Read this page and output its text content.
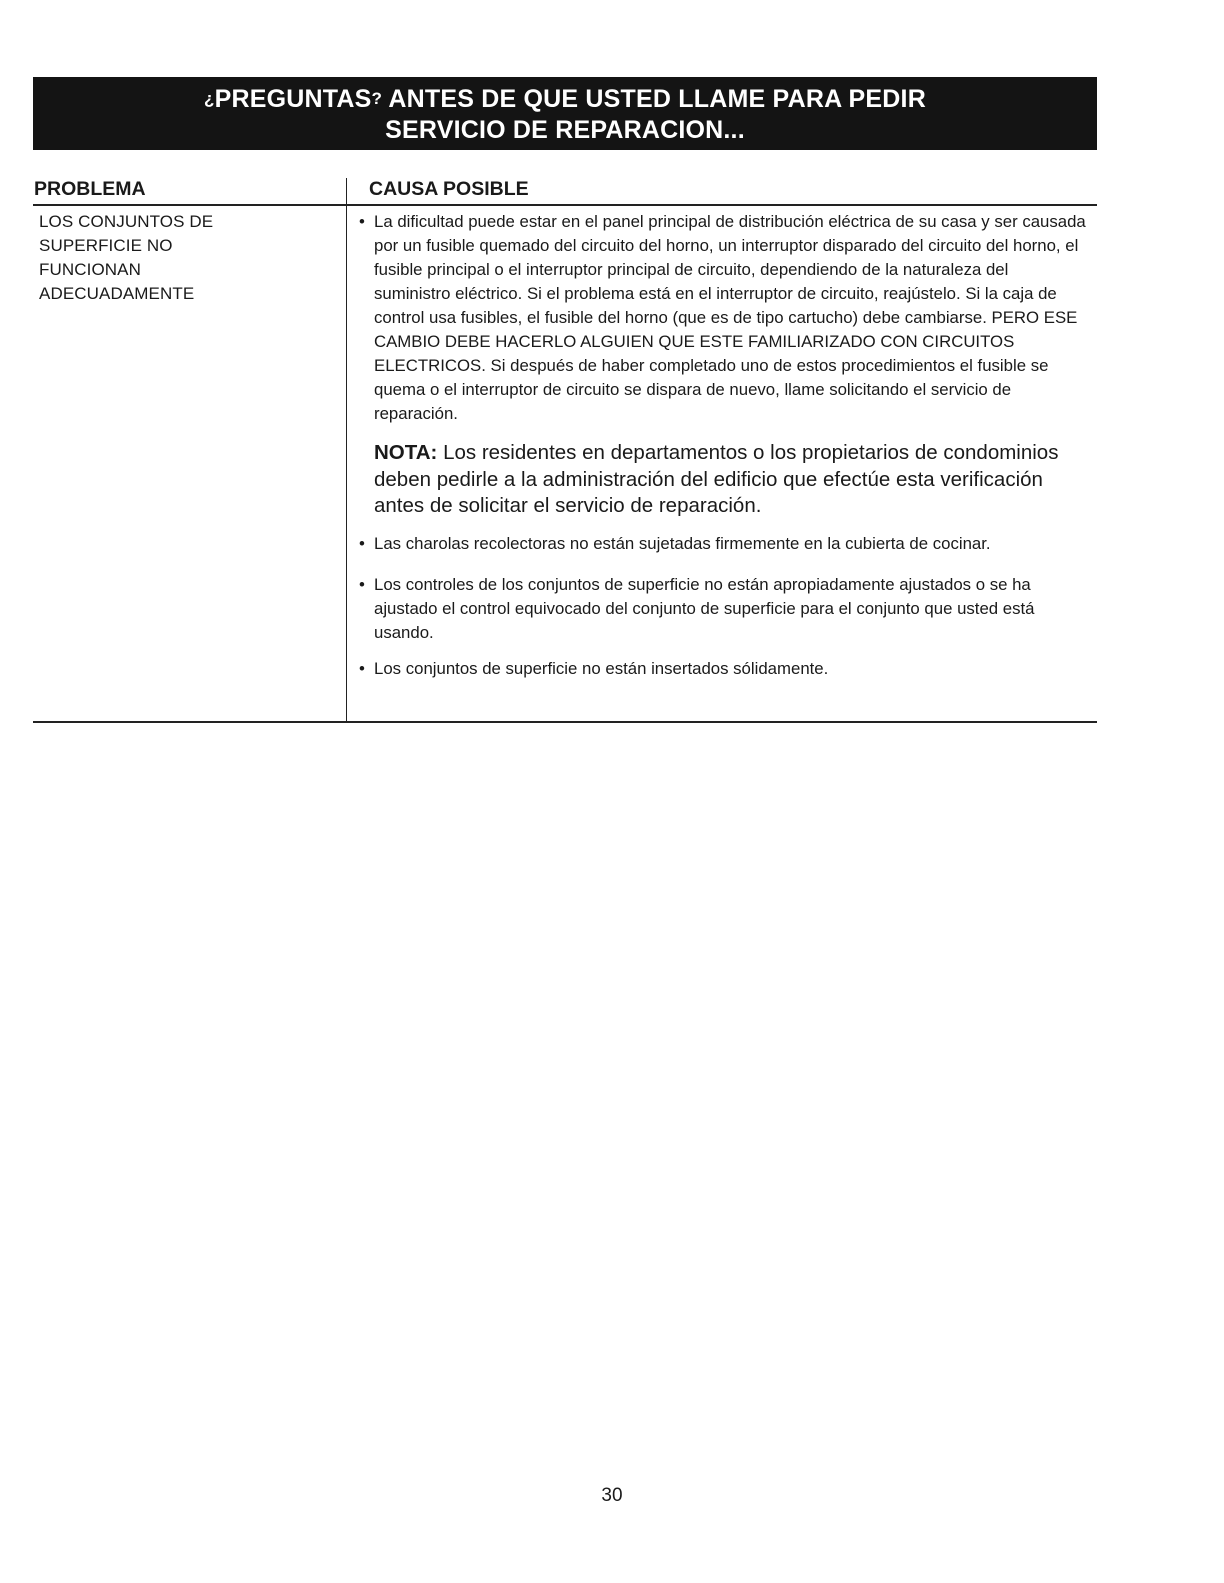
¿PREGUNTAS? ANTES DE QUE USTED LLAME PARA PEDIR
SERVICIO DE REPARACION...
PROBLEMA	CAUSA POSIBLE
LOS CONJUNTOS DE
SUPERFICIE NO
FUNCIONAN
ADECUADAMENTE
• La dificultad puede estar en el panel principal de distribución eléctrica de su casa y ser causada por un fusible quemado del circuito del horno, un interruptor disparado del circuito del horno, el fusible principal o el interruptor principal de circuito, dependiendo de la naturaleza del suministro eléctrico. Si el problema está en el interruptor de circuito, reajústelo. Si la caja de control usa fusibles, el fusible del horno (que es de tipo cartucho) debe cambiarse. PERO ESE CAMBIO DEBE HACERLO ALGUIEN QUE ESTE FAMILIARIZADO CON CIRCUITOS ELECTRICOS. Si después de haber completado uno de estos procedimientos el fusible se quema o el interruptor de circuito se dispara de nuevo, llame solicitando el servicio de reparación.
NOTA: Los residentes en departamentos o los propietarios de condominios deben pedirle a la administración del edificio que efectúe esta verificación antes de solicitar el servicio de reparación.
• Las charolas recolectoras no están sujetadas firmemente en la cubierta de cocinar.
• Los controles de los conjuntos de superficie no están apropiadamente ajustados o se ha ajustado el control equivocado del conjunto de superficie para el conjunto que usted está usando.
• Los conjuntos de superficie no están insertados sólidamente.
30
